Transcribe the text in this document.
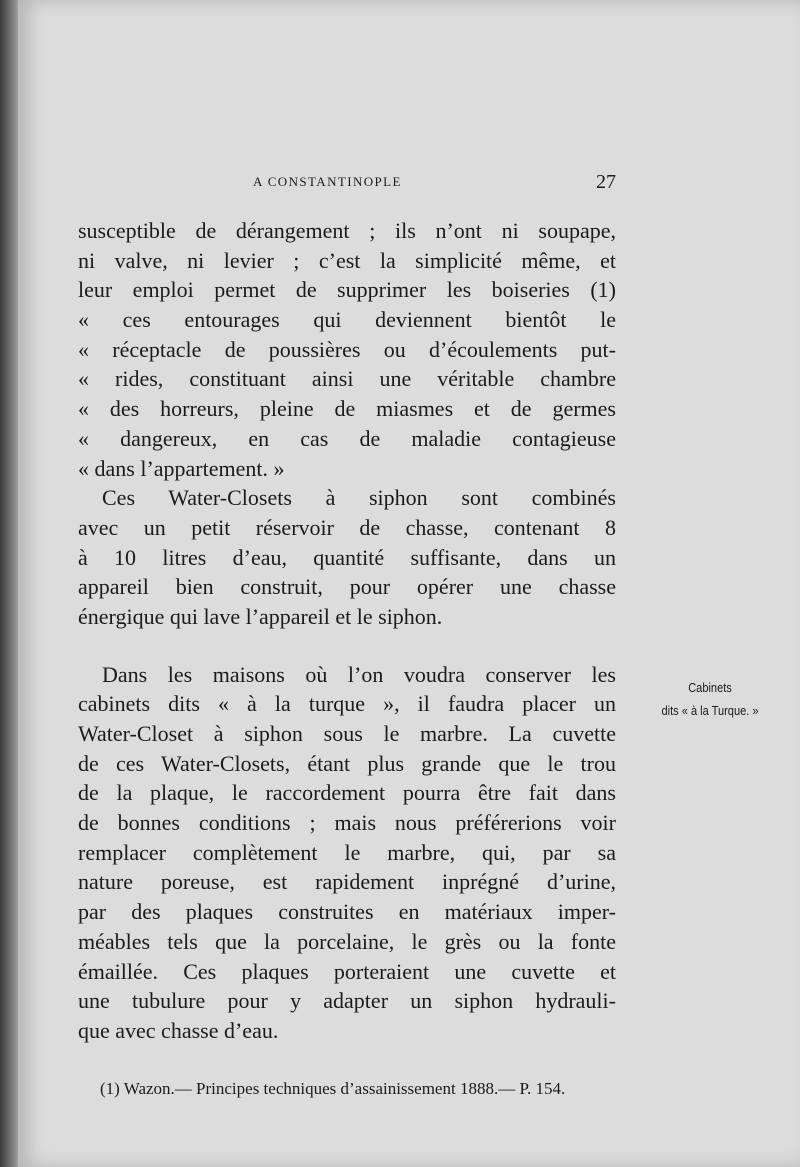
A CONSTANTINOPLE	27
susceptible de dérangement ; ils n’ont ni soupape,
ni valve, ni levier ; c’est la simplicité même, et
leur emploi permet de supprimer les boiseries (1)
« ces entourages qui deviennent bientôt le
« réceptacle de poussières ou d’écoulements put-
« rides, constituant ainsi une véritable chambre
« des horreurs, pleine de miasmes et de germes
« dangereux, en cas de maladie contagieuse
« dans l’appartement. »
Ces Water-Closets à siphon sont combinés
avec un petit réservoir de chasse, contenant 8
à 10 litres d’eau, quantité suffisante, dans un
appareil bien construit, pour opérer une chasse
énergique qui lave l’appareil et le siphon.
Dans les maisons où l’on voudra conserver les
cabinets dits « à la turque », il faudra placer un
Water-Closet à siphon sous le marbre. La cuvette
de ces Water-Closets, étant plus grande que le trou
de la plaque, le raccordement pourra être fait dans
de bonnes conditions ; mais nous préférerions voir
remplacer complètement le marbre, qui, par sa
nature poreuse, est rapidement inprégné d’urine,
par des plaques construites en matériaux imper-
méables tels que la porcelaine, le grès ou la fonte
émaillée. Ces plaques porteraient une cuvette et
une tubulure pour y adapter un siphon hydrauli-
que avec chasse d’eau.
Cabinets
dits « à la Turque. »
(1) Wazon.— Principes techniques d’assainissement 1888.— P. 154.
